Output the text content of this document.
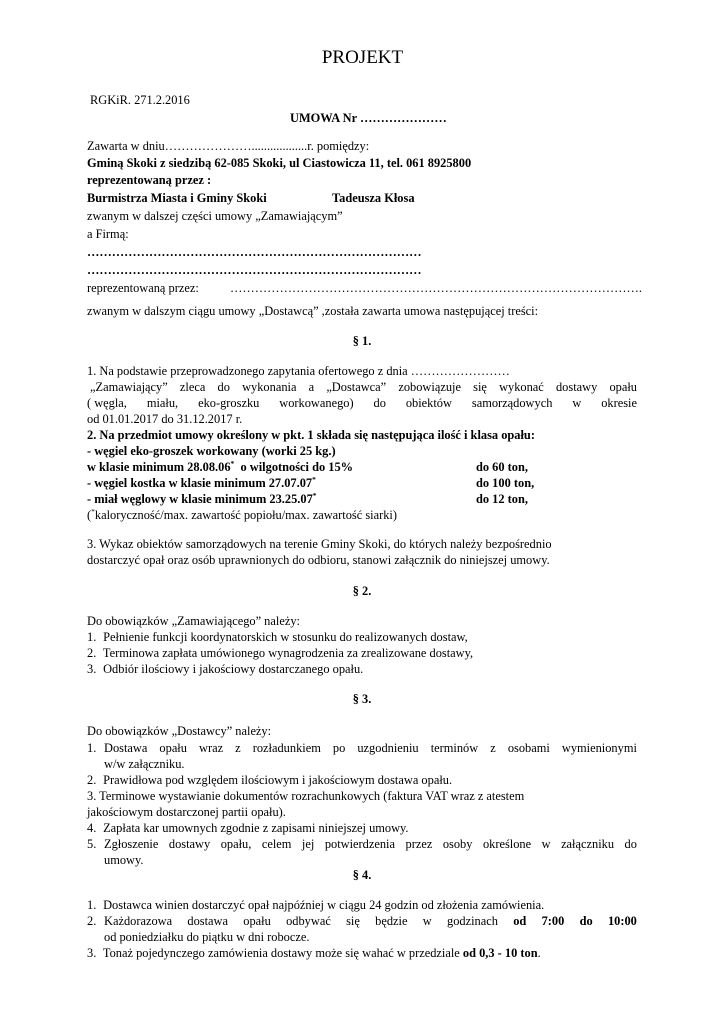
PROJEKT
RGKiR. 271.2.2016
UMOWA Nr …………………
Zawarta w dniu…………………..................r. pomiędzy:
Gminą Skoki z siedzibą 62-085 Skoki, ul Ciastowicza 11, tel. 061 8925800
reprezentowaną przez :
Burmistrza Miasta i Gminy Skoki	Tadeusza Kłosa
zwanym w dalszej części umowy „Zamawiającym”
a Firmą:
………………………………………………………………………
………………………………………………………………………
reprezentowaną przez:	……………………………………………………………………………………….
zwanym w dalszym ciągu umowy „Dostawcą” ,została zawarta umowa następującej treści:
§ 1.
1. Na podstawie przeprowadzonego zapytania ofertowego z dnia ……………………
„Zamawiający” zleca do wykonania a „Dostawca” zobowiązuje się wykonać dostawy opału
( węgla, miału, eko-groszku workowanego) do obiektów samorządowych w okresie
od 01.01.2017 do 31.12.2017 r.
2. Na przedmiot umowy określony w pkt. 1 składa się następująca ilość i klasa opału:
- węgiel eko-groszek workowany (worki 25 kg.)
w klasie minimum 28.08.06* o wilgotności do 15%	do 60 ton,
- węgiel kostka w klasie minimum 27.07.07*	do 100 ton,
- miał węglowy w klasie minimum 23.25.07*	do 12 ton,
(*kaloryczność/max. zawartość popiołu/max. zawartość siarki)
3. Wykaz obiektów samorządowych na terenie Gminy Skoki, do których należy bezpośrednio
dostarczyć opał oraz osób uprawnionych do odbioru, stanowi załącznik do niniejszej umowy.
§ 2.
Do obowiązków „Zamawiającego” należy:
1. Pełnienie funkcji koordynatorskich w stosunku do realizowanych dostaw,
2. Terminowa zapłata umówionego wynagrodzenia za zrealizowane dostawy,
3. Odbiór ilościowy i jakościowy dostarczanego opału.
§ 3.
Do obowiązków „Dostawcy” należy:
1. Dostawa opału wraz z rozładunkiem po uzgodnieniu terminów z osobami wymienionymi
w/w załączniku.
2. Prawidłowa pod względem ilościowym i jakościowym dostawa opału.
3. Terminowe wystawianie dokumentów rozrachunkowych (faktura VAT wraz z atestem
jakościowym dostarczonej partii opału).
4. Zapłata kar umownych zgodnie z zapisami niniejszej umowy.
5. Zgłoszenie dostawy opału, celem jej potwierdzenia przez osoby określone w załączniku do
umowy.
§ 4.
1. Dostawca winien dostarczyć opał najpóźniej w ciągu 24 godzin od złożenia zamówienia.
2. Każdorazowa dostawa opału odbywać się będzie w godzinach od 7:00 do 10:00
od poniedziałku do piątku w dni robocze.
3. Tonaż pojedynczego zamówienia dostawy może się wahać w przedziale od 0,3 - 10 ton.
